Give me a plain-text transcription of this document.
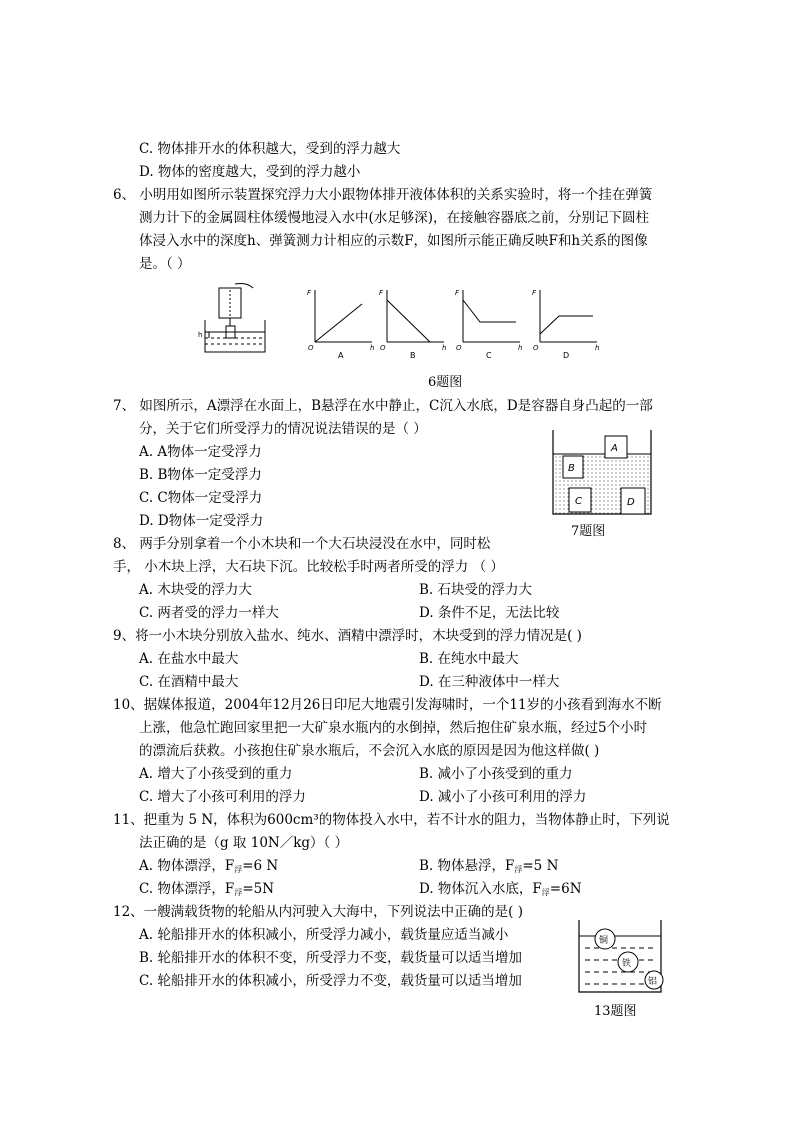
C. 物体排开水的体积越大，受到的浮力越大
D. 物体的密度越大，受到的浮力越小
6、 小明用如图所示装置探究浮力大小跟物体排开液体体积的关系实验时，将一个挂在弹簧
测力计下的金属圆柱体缓慢地浸入水中(水足够深)，在接触容器底之前，分别记下圆柱
体浸入水中的深度h、弹簧测力计相应的示数F，如图所示能正确反映F和h关系的图像
是。（ ）
h
F
O	h
A
F
O	h
B
F
O	h
C
F
O	h
D
6题图
7、 如图所示，A漂浮在水面上，B悬浮在水中静止，C沉入水底，D是容器自身凸起的一部
分，关于它们所受浮力的情况说法错误的是（ ）
A. A物体一定受浮力
B. B物体一定受浮力
C. C物体一定受浮力
D. D物体一定受浮力
A
B
C	D
7题图
8、 两手分别拿着一个小木块和一个大石块浸没在水中，同时松
手， 小木块上浮，大石块下沉。比较松手时两者所受的浮力 （ ）
A. 木块受的浮力大	B. 石块受的浮力大
C. 两者受的浮力一样大	D. 条件不足，无法比较
9、将一小木块分别放入盐水、纯水、酒精中漂浮时，木块受到的浮力情况是( )
A. 在盐水中最大	B. 在纯水中最大
C. 在酒精中最大	D. 在三种液体中一样大
10、据媒体报道，2004年12月26日印尼大地震引发海啸时，一个11岁的小孩看到海水不断
上涨，他急忙跑回家里把一大矿泉水瓶内的水倒掉，然后抱住矿泉水瓶，经过5个小时
的漂流后获救。小孩抱住矿泉水瓶后，不会沉入水底的原因是因为他这样做( )
A. 增大了小孩受到的重力	B. 减小了小孩受到的重力
C. 增大了小孩可利用的浮力	D. 减小了小孩可利用的浮力
11、把重为 5 N，体积为600cm³的物体投入水中，若不计水的阻力，当物体静止时，下列说
法正确的是（g 取 10N／kg）（ ）
A. 物体漂浮，$F_浮=6$ N	B. 物体悬浮，$F_浮=5$ N
C. 物体漂浮，$F_浮=5N$	D. 物体沉入水底，$F_浮=6N$
12、一艘满载货物的轮船从内河驶入大海中，下列说法中正确的是( )
A. 轮船排开水的体积减小，所受浮力减小，载货量应适当减小
B. 轮船排开水的体积不变，所受浮力不变，载货量可以适当增加
C. 轮船排开水的体积减小，所受浮力不变，载货量可以适当增加
铜
铁
铝
13题图
